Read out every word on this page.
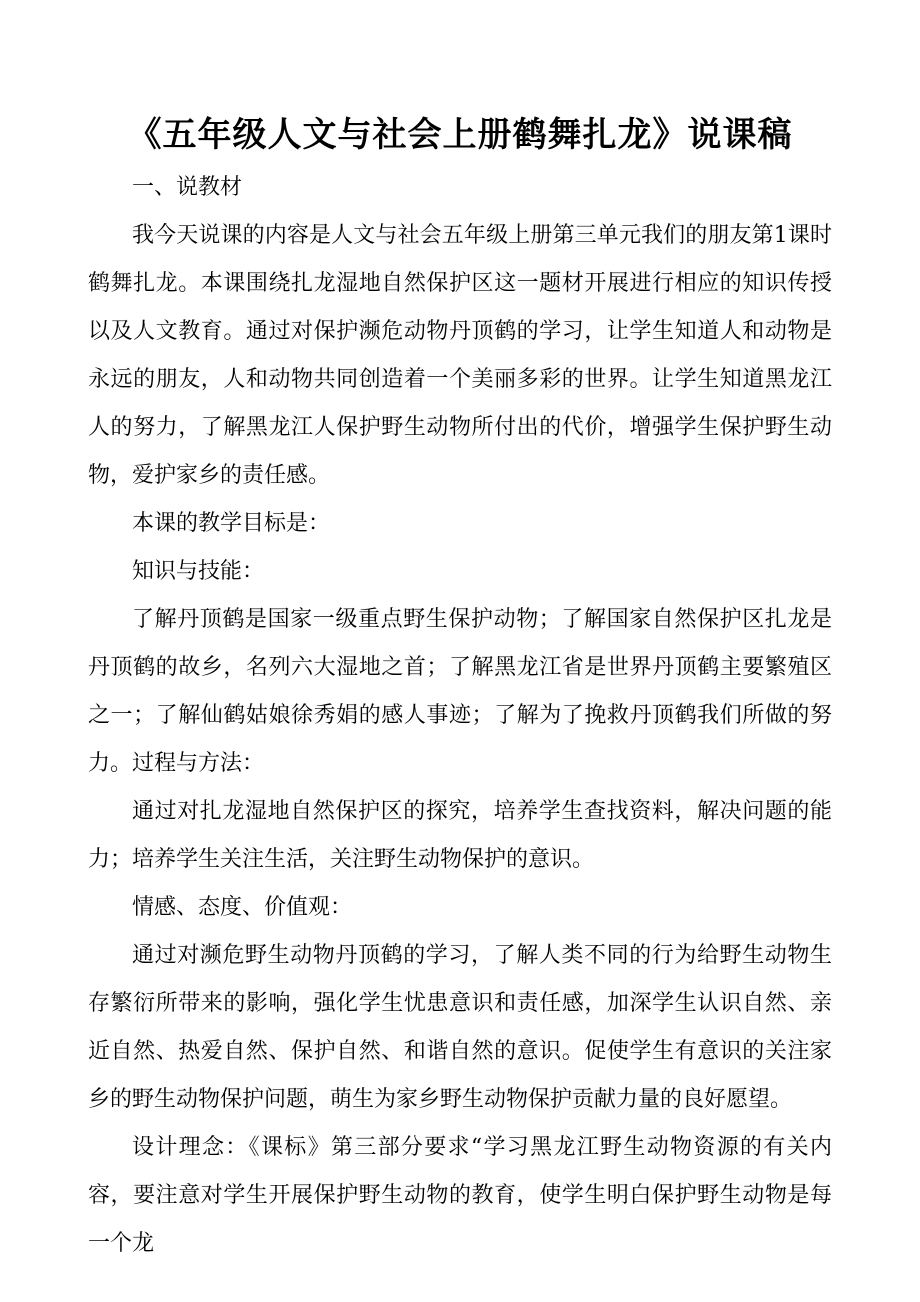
《五年级人文与社会上册鹤舞扎龙》说课稿

一、说教材

我今天说课的内容是人文与社会五年级上册第三单元我们的朋友第1课时鹤舞扎龙。本课围绕扎龙湿地自然保护区这一题材开展进行相应的知识传授以及人文教育。通过对保护濒危动物丹顶鹤的学习，让学生知道人和动物是永远的朋友，人和动物共同创造着一个美丽多彩的世界。让学生知道黑龙江人的努力，了解黑龙江人保护野生动物所付出的代价，增强学生保护野生动物，爱护家乡的责任感。

本课的教学目标是：

知识与技能：

了解丹顶鹤是国家一级重点野生保护动物；了解国家自然保护区扎龙是丹顶鹤的故乡，名列六大湿地之首；了解黑龙江省是世界丹顶鹤主要繁殖区之一；了解仙鹤姑娘徐秀娟的感人事迹；了解为了挽救丹顶鹤我们所做的努力。 过程与方法：

通过对扎龙湿地自然保护区的探究，培养学生查找资料，解决问题的能力；培养学生关注生活，关注野生动物保护的意识。

情感、态度、价值观：

通过对濒危野生动物丹顶鹤的学习，了解人类不同的行为给野生动物生存繁衍所带来的影响，强化学生忧患意识和责任感，加深学生认识自然、亲近自然、热爱自然、保护自然、和谐自然的意识。促使学生有意识的关注家乡的野生动物保护问题，萌生为家乡野生动物保护贡献力量的良好愿望。

设计理念：《课标》第三部分要求“学习黑龙江野生动物资源的有关内容，要注意对学生开展保护野生动物的教育，使学生明白保护野生动物是每一个龙
